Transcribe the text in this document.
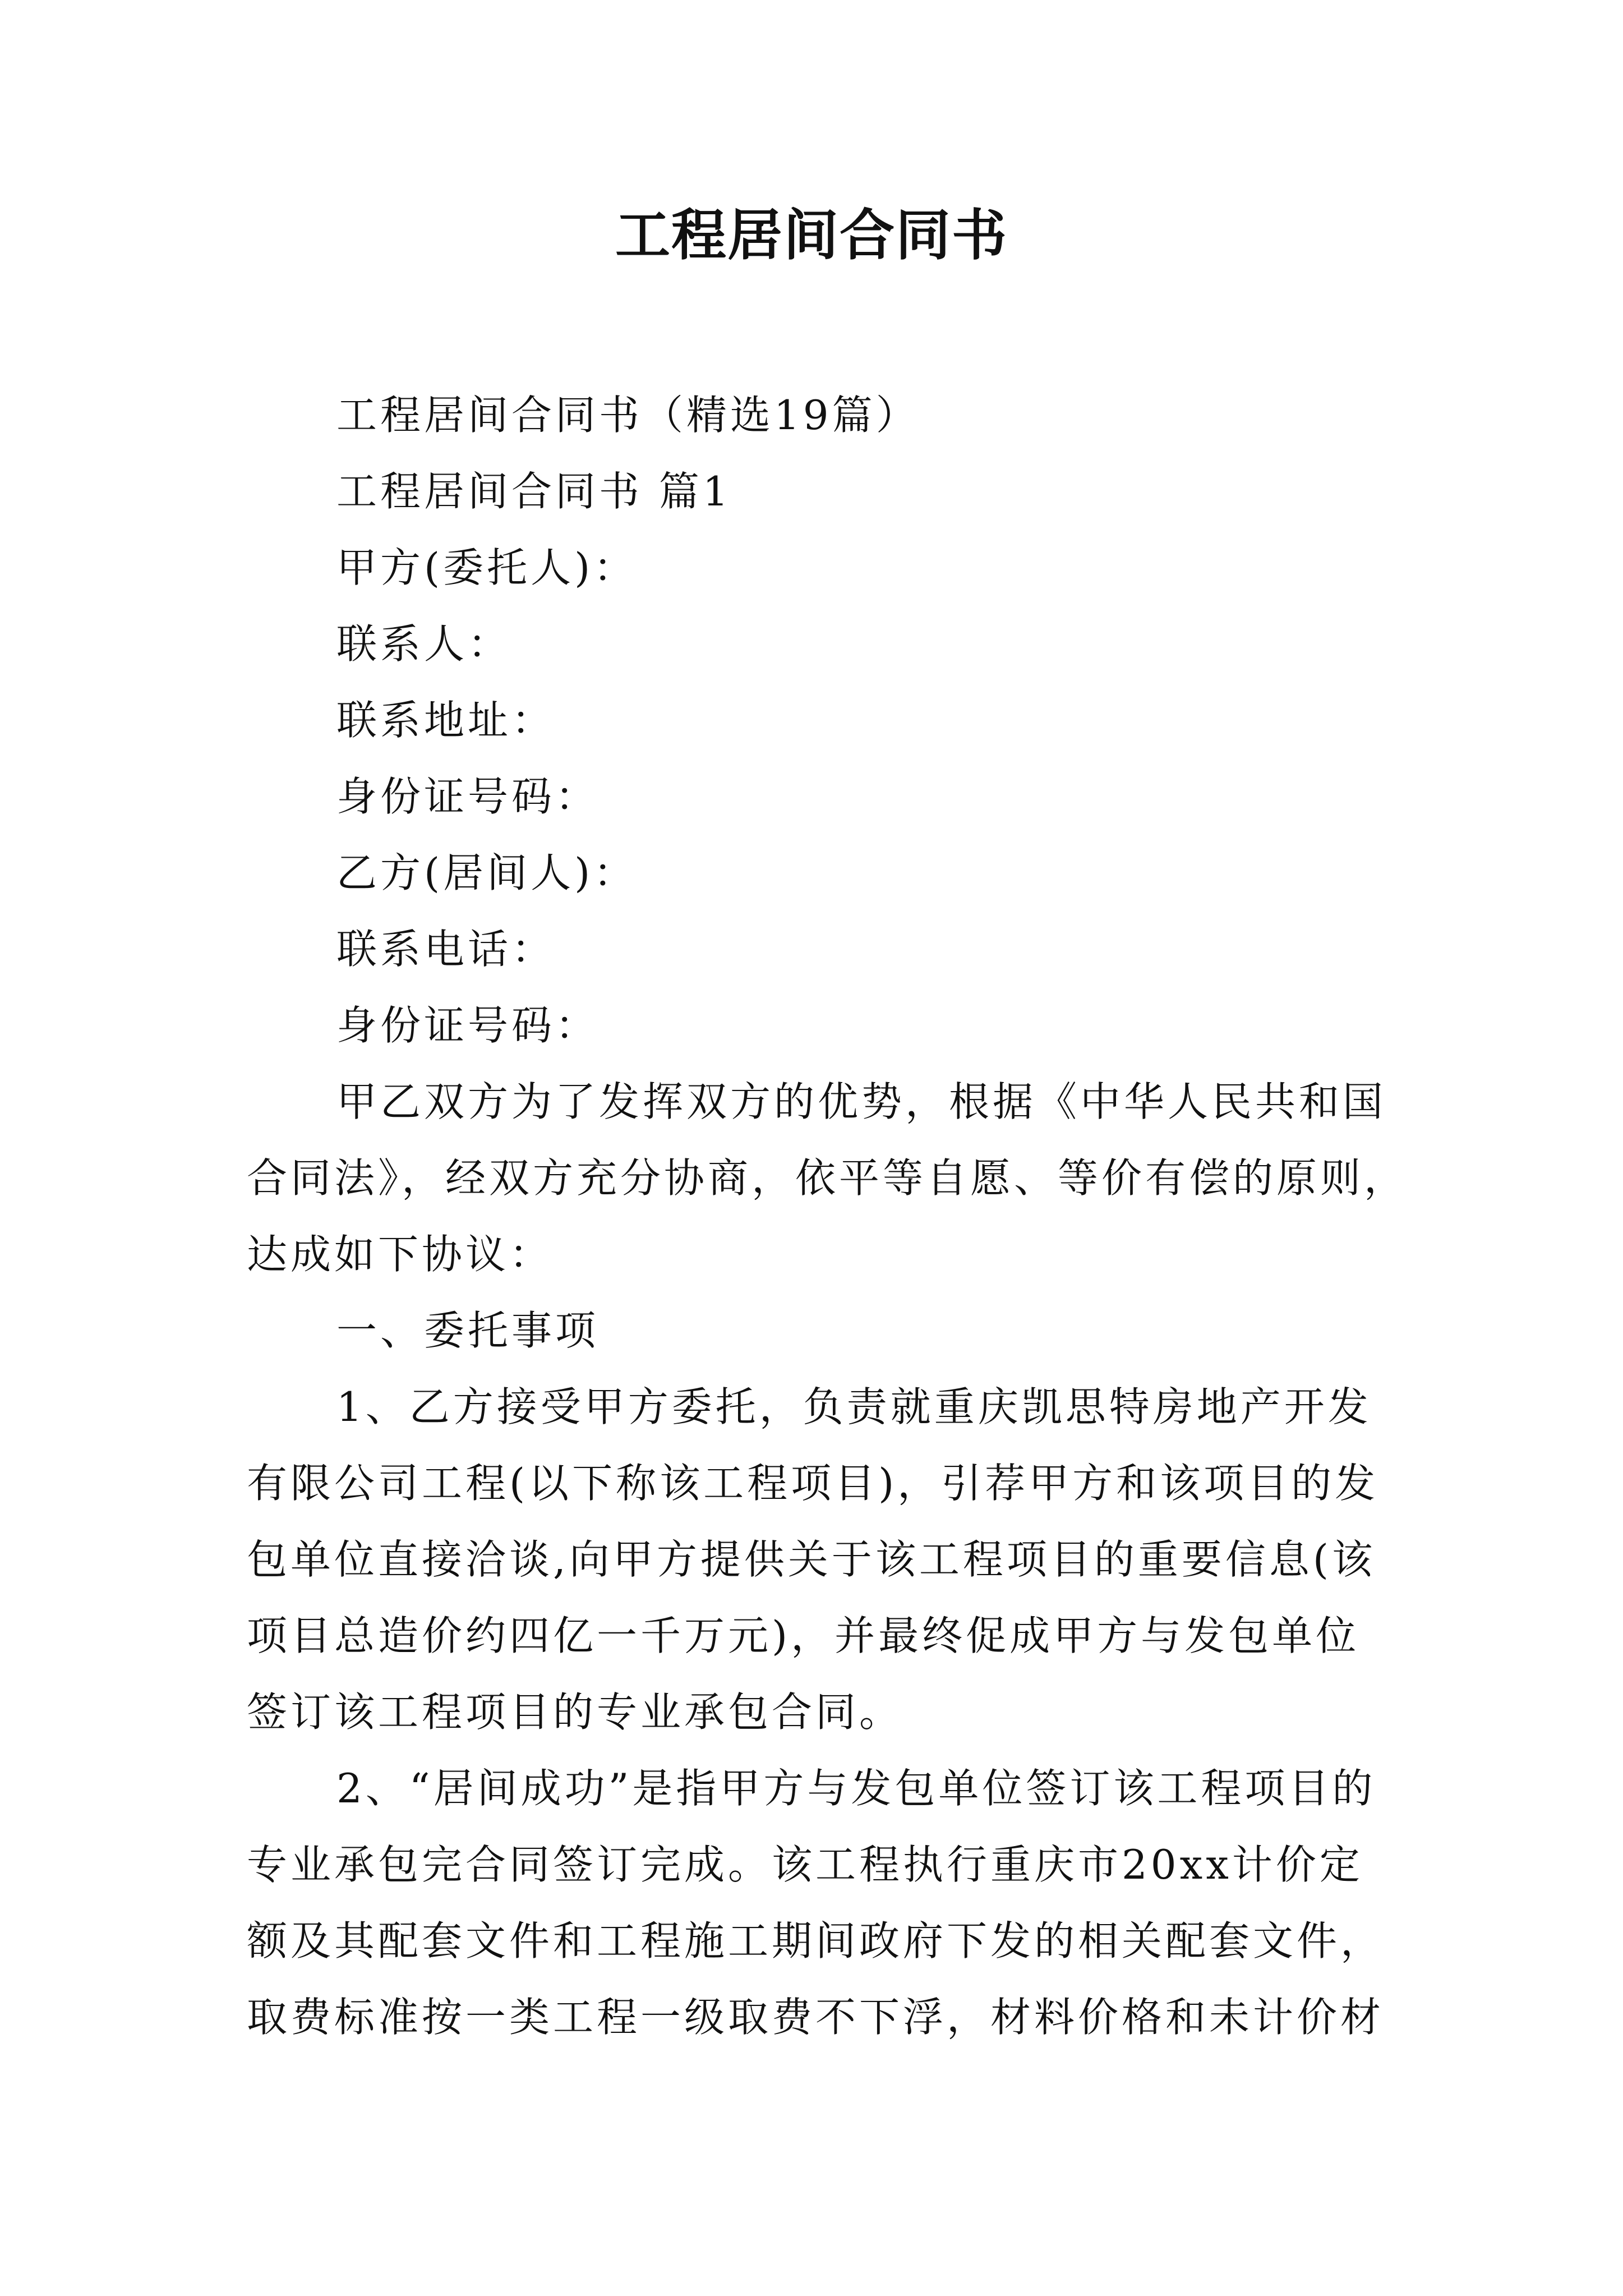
工程居间合同书
工程居间合同书（精选19篇）
工程居间合同书 篇1
甲方(委托人)：
联系人：
联系地址：
身份证号码：
乙方(居间人)：
联系电话：
身份证号码：
甲乙双方为了发挥双方的优势，根据《中华人民共和国
合同法》，经双方充分协商，依平等自愿、等价有偿的原则，
达成如下协议：
一、委托事项
1、乙方接受甲方委托，负责就重庆凯思特房地产开发
有限公司工程(以下称该工程项目)，引荐甲方和该项目的发
包单位直接洽谈,向甲方提供关于该工程项目的重要信息(该
项目总造价约四亿一千万元)，并最终促成甲方与发包单位
签订该工程项目的专业承包合同。
2、“居间成功”是指甲方与发包单位签订该工程项目的
专业承包完合同签订完成。该工程执行重庆市20xx计价定
额及其配套文件和工程施工期间政府下发的相关配套文件，
取费标准按一类工程一级取费不下浮，材料价格和未计价材
